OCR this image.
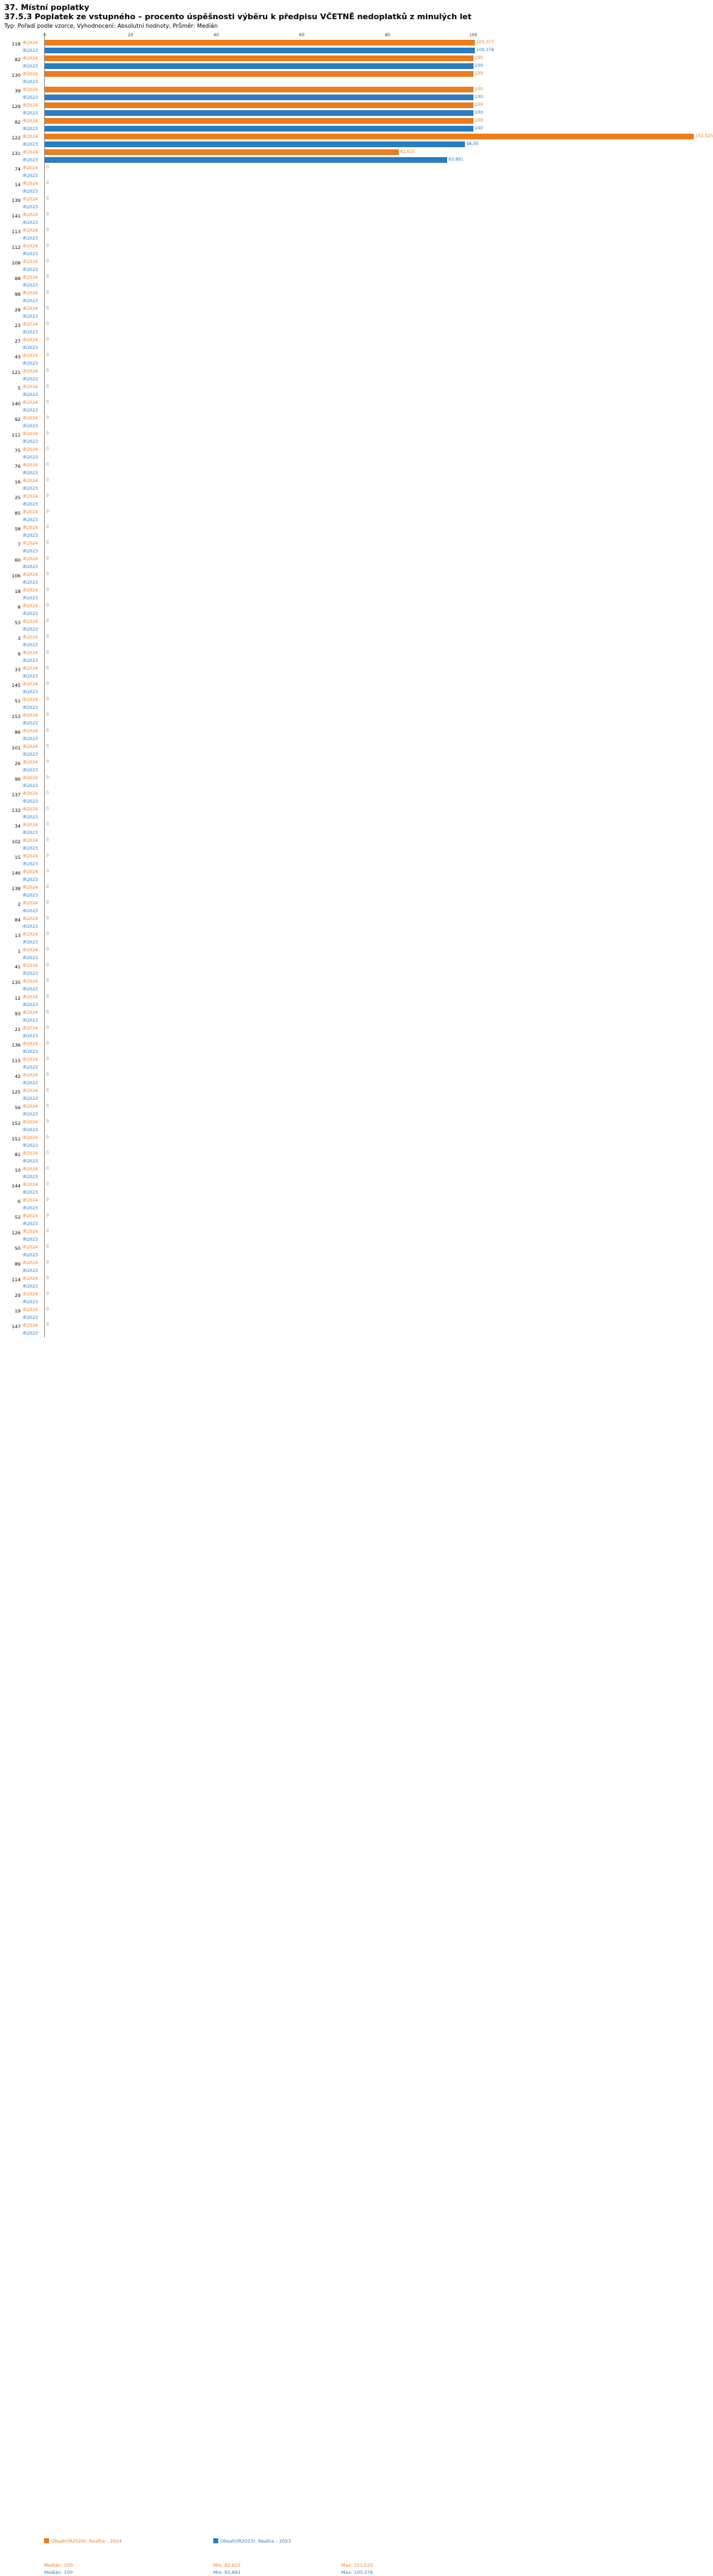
37. Místní poplatky
37.5.3 Poplatek ze vstupného – procento úspěšnosti výběru k předpisu VČETNĚ nedoplatků z minulých let
Typ: Pořadí podle vzorce, Vyhodnocení: Absolutní hodnoty, Průměr: Medián
0	20	40	60	80	100
118 IR2024	100,377
IR2023	100,378
82 IR2024	100
IR2023	100
130 IR2024	100
IR2023
39 IR2024	100
IR2023	100
129 IR2024	100
IR2023	100
82 IR2024	100
IR2023	100
122 IR2024	151,525
IR2023	98,05
131 IR2024	82,625
IR2023	93,891
74 IR2024 0
IR2023
14 IR2024 0
IR2023
139 IR2024 0
IR2023
141 IR2024 0
IR2023
113 IR2024 0
IR2023
112 IR2024 0
IR2023
108 IR2024 0
IR2023
88 IR2024 0
IR2023
98 IR2024 0
IR2023
28 IR2024 0
IR2023
23 IR2024 0
IR2023
27 IR2024 0
IR2023
43 IR2024 0
IR2023
121 IR2024 0
IR2023
5 IR2024 0
IR2023
140 IR2024 0
IR2023
92 IR2024 0
IR2023
111 IR2024 0
IR2023
75 IR2024 0
IR2023
76 IR2024 0
IR2023
16 IR2024 0
IR2023
25 IR2024 0
IR2023
85 IR2024 0
IR2023
58 IR2024 0
IR2023
7 IR2024 0
IR2023
60 IR2024 0
IR2023
106 IR2024 0
IR2023
18 IR2024 0
IR2023
8 IR2024 0
IR2023
53 IR2024 0
IR2023
3 IR2024 0
IR2023
9 IR2024 0
IR2023
33 IR2024 0
IR2023
145 IR2024 0
IR2023
51 IR2024 0
IR2023
153 IR2024 0
IR2023
86 IR2024 0
IR2023
101 IR2024 0
IR2023
26 IR2024 0
IR2023
96 IR2024 0
IR2023
137 IR2024 0
IR2023
132 IR2024 0
IR2023
34 IR2024 0
IR2023
102 IR2024 0
IR2023
15 IR2024 0
IR2023
146 IR2024 0
IR2023
138 IR2024 0
IR2023
2 IR2024 0
IR2023
84 IR2024 0
IR2023
13 IR2024 0
IR2023
1 IR2024 0
IR2023
41 IR2024 0
IR2023
135 IR2024 0
IR2023
12 IR2024 0
IR2023
93 IR2024 0
IR2023
21 IR2024 0
IR2023
136 IR2024 0
IR2023
115 IR2024 0
IR2023
42 IR2024 0
IR2023
125 IR2024 0
IR2023
56 IR2024 0
IR2023
152 IR2024 0
IR2023
151 IR2024 0
IR2023
81 IR2024 0
IR2023
10 IR2024 0
IR2023
144 IR2024 0
IR2023
6 IR2024 0
IR2023
52 IR2024 0
IR2023
126 IR2024 0
IR2023
50 IR2024 0
IR2023
89 IR2024 0
IR2023
114 IR2024 0
IR2023
29 IR2024 0
IR2023
19 IR2024 0
IR2023
147 IR2024 0
IR2023
Obsah(IR2024): Realita – 2024	Obsah(IR2023): Realita – 2023
Medián: 100	Min: 82,625	Max: 151,525
Medián: 100	Min: 93,891	Max: 100,378
